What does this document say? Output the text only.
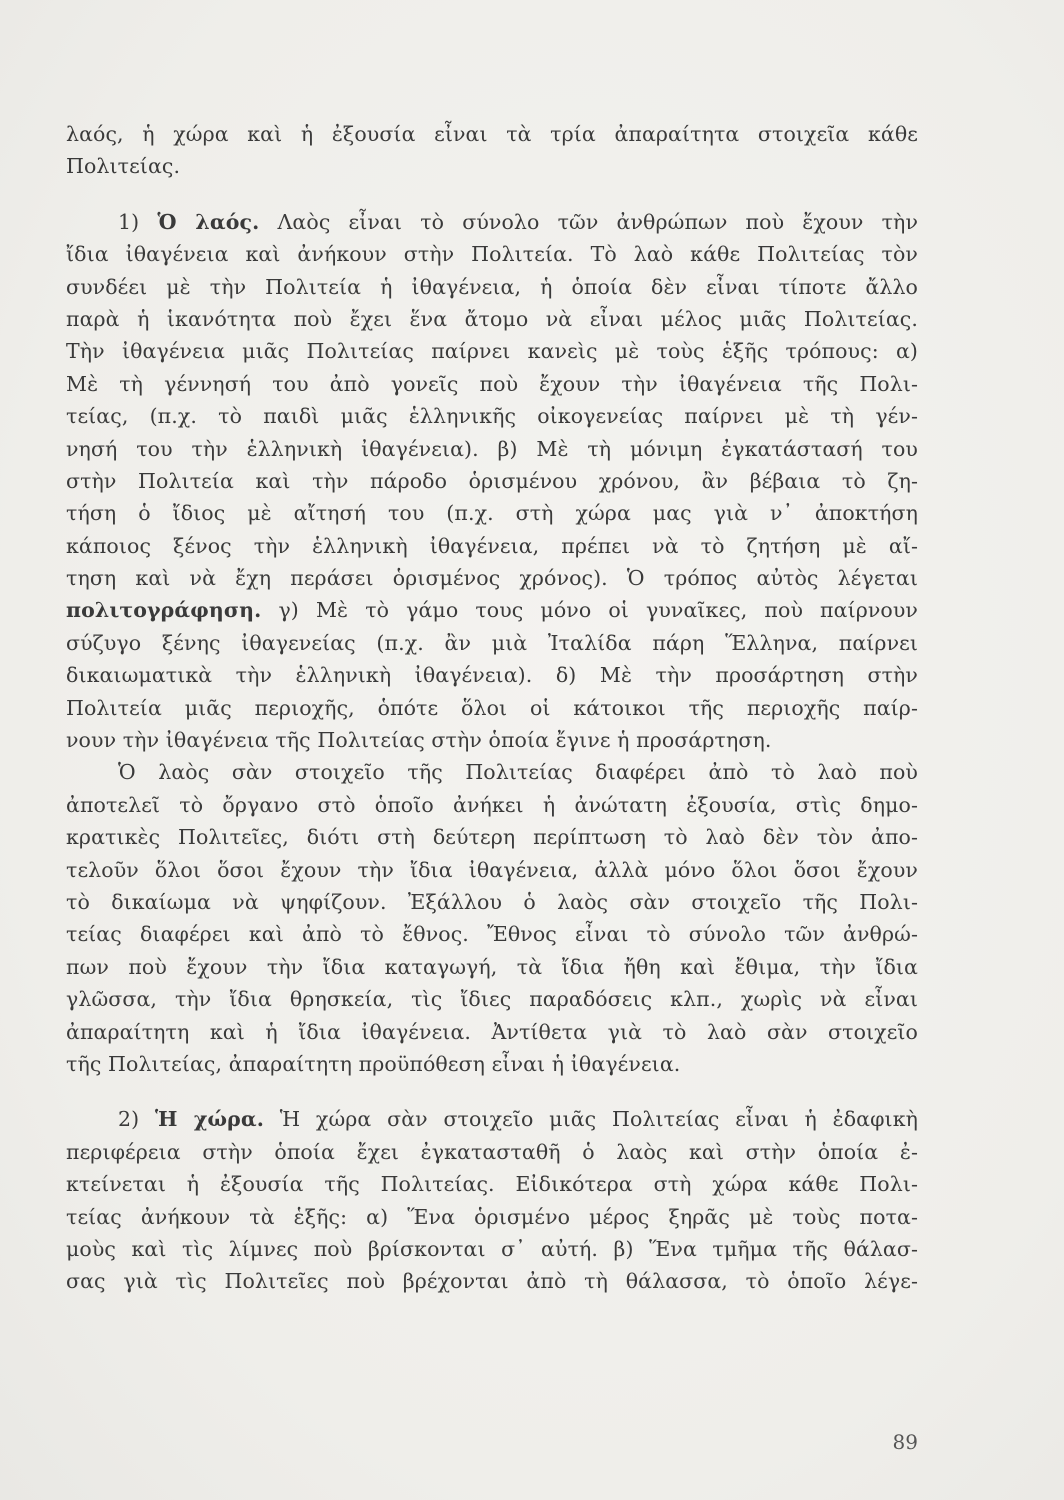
λαός, ἡ χώρα καὶ ἡ ἐξουσία εἶναι τὰ τρία ἀπαραίτητα στοιχεῖα κάθε
Πολιτείας.
1) Ὁ λαός. Λαὸς εἶναι τὸ σύνολο τῶν ἀνθρώπων ποὺ ἔχουν τὴν
ἴδια ἰθαγένεια καὶ ἀνήκουν στὴν Πολιτεία. Τὸ λαὸ κάθε Πολιτείας τὸν
συνδέει μὲ τὴν Πολιτεία ἡ ἰθαγένεια, ἡ ὁποία δὲν εἶναι τίποτε ἄλλο
παρὰ ἡ ἱκανότητα ποὺ ἔχει ἕνα ἄτομο νὰ εἶναι μέλος μιᾶς Πολιτείας.
Τὴν ἰθαγένεια μιᾶς Πολιτείας παίρνει κανεὶς μὲ τοὺς ἑξῆς τρόπους: α)
Μὲ τὴ γέννησή του ἀπὸ γονεῖς ποὺ ἔχουν τὴν ἰθαγένεια τῆς Πολι-
τείας, (π.χ. τὸ παιδὶ μιᾶς ἑλληνικῆς οἰκογενείας παίρνει μὲ τὴ γέν-
νησή του τὴν ἑλληνικὴ ἰθαγένεια). β) Μὲ τὴ μόνιμη ἐγκατάστασή του
στὴν Πολιτεία καὶ τὴν πάροδο ὁρισμένου χρόνου, ἂν βέβαια τὸ ζη-
τήση ὁ ἴδιος μὲ αἴτησή του (π.χ. στὴ χώρα μας γιὰ ν᾿ ἀποκτήση
κάποιος ξένος τὴν ἑλληνικὴ ἰθαγένεια, πρέπει νὰ τὸ ζητήση μὲ αἴ-
τηση καὶ νὰ ἔχη περάσει ὁρισμένος χρόνος). Ὁ τρόπος αὐτὸς λέγεται
πολιτογράφηση. γ) Μὲ τὸ γάμο τους μόνο οἱ γυναῖκες, ποὺ παίρνουν
σύζυγο ξένης ἰθαγενείας (π.χ. ἂν μιὰ Ἰταλίδα πάρη Ἕλληνα, παίρνει
δικαιωματικὰ τὴν ἑλληνικὴ ἰθαγένεια). δ) Μὲ τὴν προσάρτηση στὴν
Πολιτεία μιᾶς περιοχῆς, ὁπότε ὅλοι οἱ κάτοικοι τῆς περιοχῆς παίρ-
νουν τὴν ἰθαγένεια τῆς Πολιτείας στὴν ὁποία ἔγινε ἡ προσάρτηση.
Ὁ λαὸς σὰν στοιχεῖο τῆς Πολιτείας διαφέρει ἀπὸ τὸ λαὸ ποὺ
ἀποτελεῖ τὸ ὄργανο στὸ ὁποῖο ἀνήκει ἡ ἀνώτατη ἐξουσία, στὶς δημο-
κρατικὲς Πολιτεῖες, διότι στὴ δεύτερη περίπτωση τὸ λαὸ δὲν τὸν ἀπο-
τελοῦν ὅλοι ὅσοι ἔχουν τὴν ἴδια ἰθαγένεια, ἀλλὰ μόνο ὅλοι ὅσοι ἔχουν
τὸ δικαίωμα νὰ ψηφίζουν. Ἐξάλλου ὁ λαὸς σὰν στοιχεῖο τῆς Πολι-
τείας διαφέρει καὶ ἀπὸ τὸ ἔθνος. Ἔθνος εἶναι τὸ σύνολο τῶν ἀνθρώ-
πων ποὺ ἔχουν τὴν ἴδια καταγωγή, τὰ ἴδια ἤθη καὶ ἔθιμα, τὴν ἴδια
γλῶσσα, τὴν ἴδια θρησκεία, τὶς ἴδιες παραδόσεις κλπ., χωρὶς νὰ εἶναι
ἀπαραίτητη καὶ ἡ ἴδια ἰθαγένεια. Ἀντίθετα γιὰ τὸ λαὸ σὰν στοιχεῖο
τῆς Πολιτείας, ἀπαραίτητη προϋπόθεση εἶναι ἡ ἰθαγένεια.
2) Ἡ χώρα. Ἡ χώρα σὰν στοιχεῖο μιᾶς Πολιτείας εἶναι ἡ ἐδαφικὴ
περιφέρεια στὴν ὁποία ἔχει ἐγκατασταθῆ ὁ λαὸς καὶ στὴν ὁποία ἐ-
κτείνεται ἡ ἐξουσία τῆς Πολιτείας. Εἰδικότερα στὴ χώρα κάθε Πολι-
τείας ἀνήκουν τὰ ἑξῆς: α) Ἕνα ὁρισμένο μέρος ξηρᾶς μὲ τοὺς ποτα-
μοὺς καὶ τὶς λίμνες ποὺ βρίσκονται σ᾿ αὐτή. β) Ἕνα τμῆμα τῆς θάλασ-
σας γιὰ τὶς Πολιτεῖες ποὺ βρέχονται ἀπὸ τὴ θάλασσα, τὸ ὁποῖο λέγε-
89
